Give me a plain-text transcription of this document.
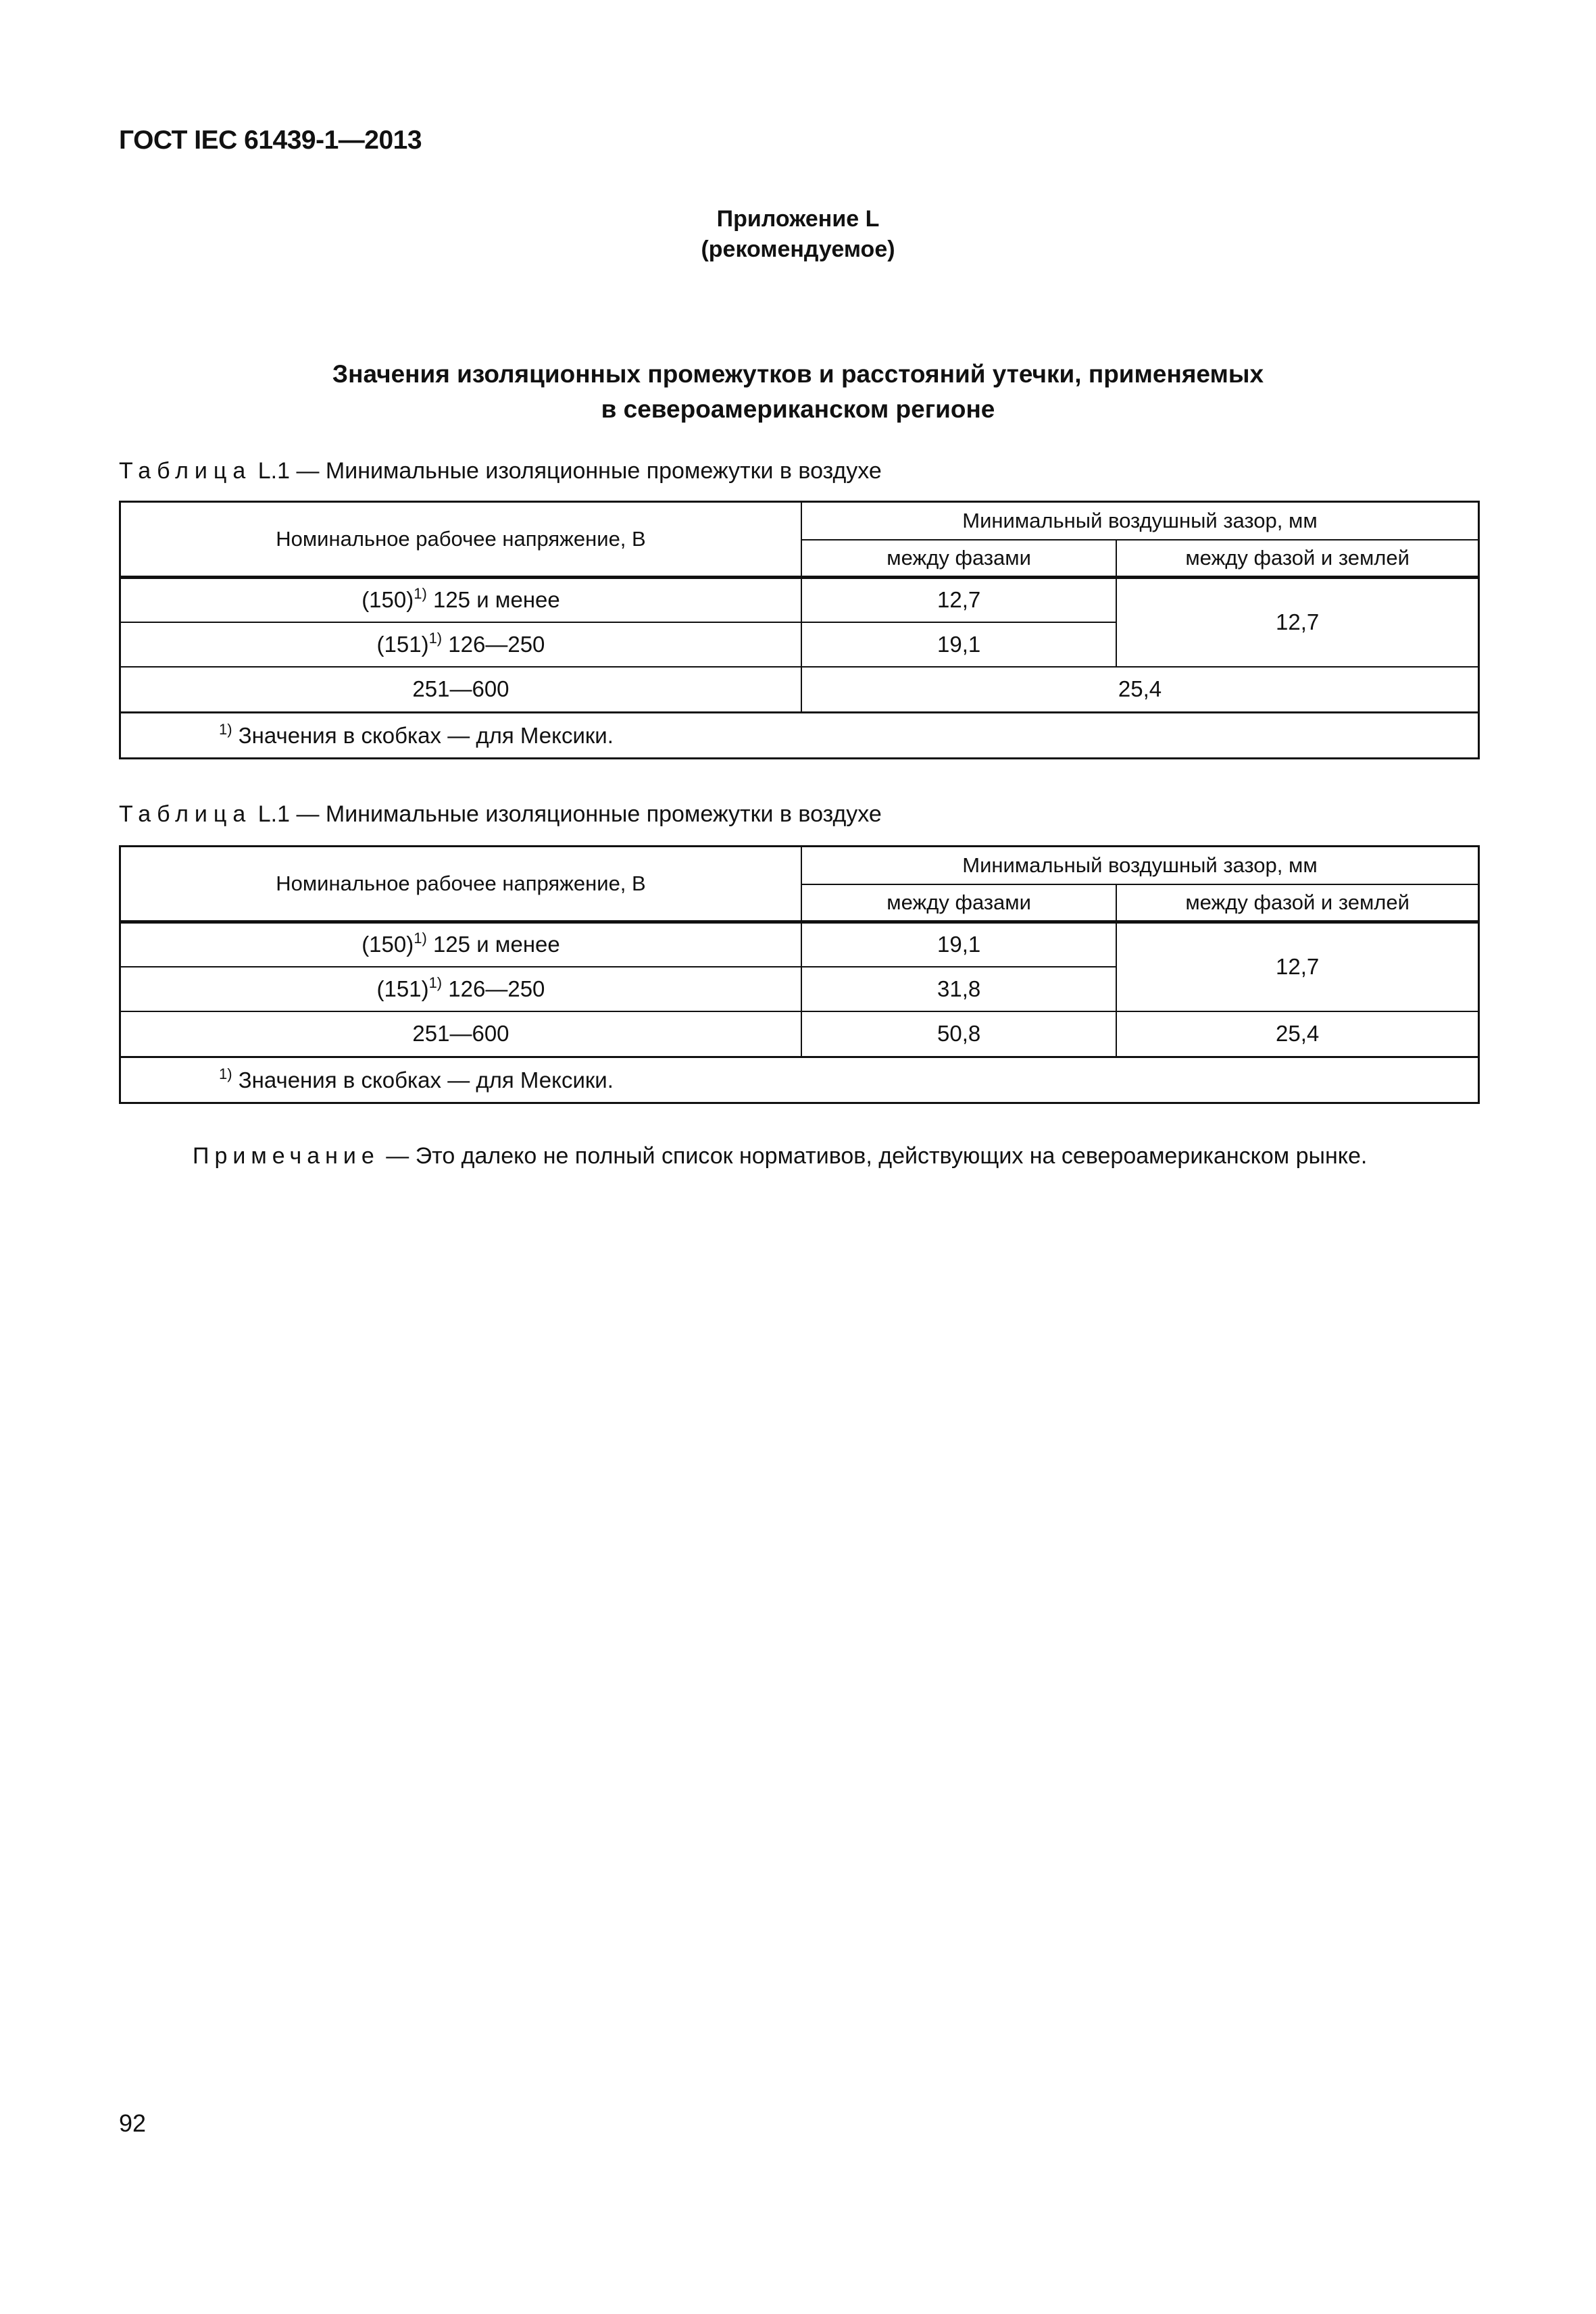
ГОСТ IEC 61439-1—2013
Приложение L
(рекомендуемое)
Значения изоляционных промежутков и расстояний утечки, применяемых
в североамериканском регионе
Таблица L.1 — Минимальные изоляционные промежутки в воздухе
Номинальное рабочее напряжение, В	Минимальный воздушный зазор, мм	
	между фазами	между фазой и землей
$(150)^{1)}$ 125 и менее	12,7	12,7
$(151)^{1)}$ 126—250	19,1	
251—600	25,4	
$^{1)}$ Значения в скобках — для Мексики.		
Таблица L.1 — Минимальные изоляционные промежутки в воздухе
Номинальное рабочее напряжение, В	Минимальный воздушный зазор, мм	
	между фазами	между фазой и землей
$(150)^{1)}$ 125 и менее	19,1	12,7
$(151)^{1)}$ 126—250	31,8	
251—600	50,8	25,4
$^{1)}$ Значения в скобках — для Мексики.		
Примечание — Это далеко не полный список нормативов, действующих на североамериканском рынке.
92
